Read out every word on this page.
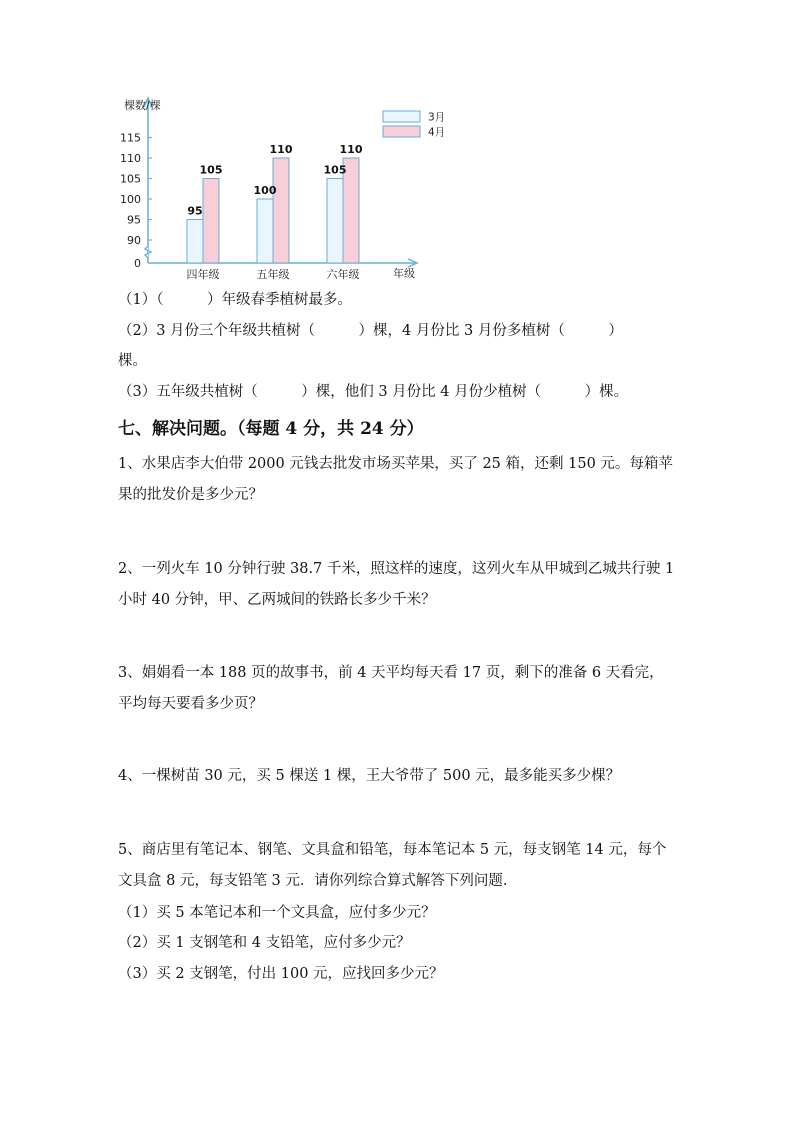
棵数/棵
年级
115
110
105
100
95
90
0
95
105
四年级
100
110
五年级
105
110
六年级
3月
4月
（1）（　　　）年级春季植树最多。
（2）3 月份三个年级共植树（　　　）棵，4 月份比 3 月份多植树（　　　）
棵。
（3）五年级共植树（　　　）棵，他们 3 月份比 4 月份少植树（　　　）棵。
七、解决问题。（每题 4 分，共 24 分）
1、水果店李大伯带 2000 元钱去批发市场买苹果，买了 25 箱，还剩 150 元。每箱苹果的批发价是多少元？
2、一列火车 10 分钟行驶 38.7 千米，照这样的速度，这列火车从甲城到乙城共行驶 1 小时 40 分钟，甲、乙两城间的铁路长多少千米？
3、娟娟看一本 188 页的故事书，前 4 天平均每天看 17 页，剩下的准备 6 天看完，平均每天要看多少页？
4、一棵树苗 30 元，买 5 棵送 1 棵，王大爷带了 500 元，最多能买多少棵？
5、商店里有笔记本、钢笔、文具盒和铅笔，每本笔记本 5 元，每支钢笔 14 元，每个文具盒 8 元，每支铅笔 3 元．请你列综合算式解答下列问题.
（1）买 5 本笔记本和一个文具盒，应付多少元？
（2）买 1 支钢笔和 4 支铅笔，应付多少元？
（3）买 2 支钢笔，付出 100 元，应找回多少元？
